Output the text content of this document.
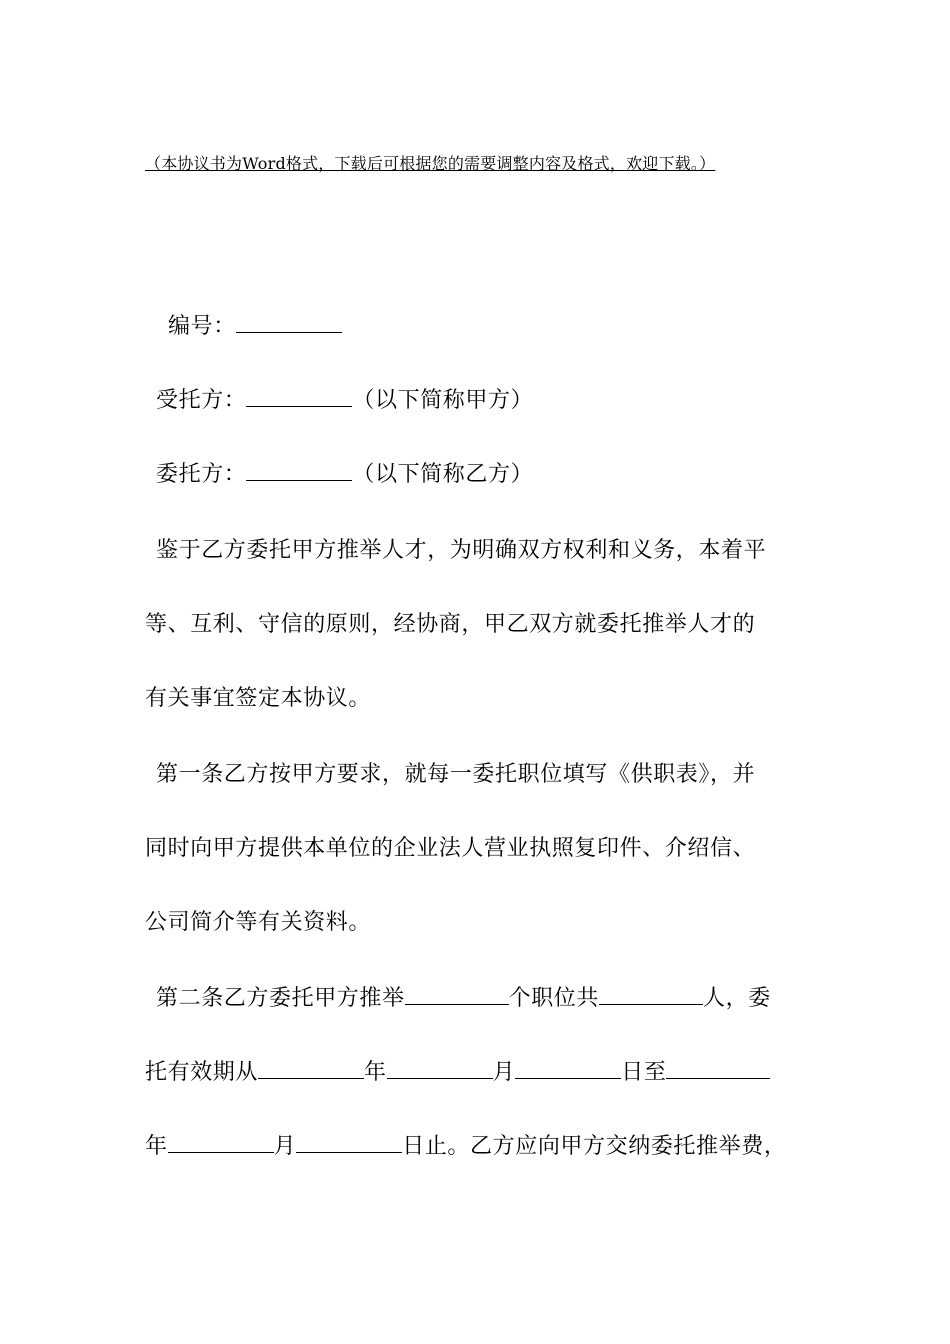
（本协议书为Word格式，下载后可根据您的需要调整内容及格式，欢迎下载。）
编号：
受托方：	（以下简称甲方）
委托方：	（以下简称乙方）
鉴于乙方委托甲方推举人才，为明确双方权利和义务，本着平
等、互利、守信的原则，经协商，甲乙双方就委托推举人才的
有关事宜签定本协议。
第一条乙方按甲方要求，就每一委托职位填写《供职表》，并
同时向甲方提供本单位的企业法人营业执照复印件、介绍信、
公司简介等有关资料。
第二条乙方委托甲方推举	个职位共	人，委
托有效期从	年	月	日至
年	月	日止。乙方应向甲方交纳委托推举费，
